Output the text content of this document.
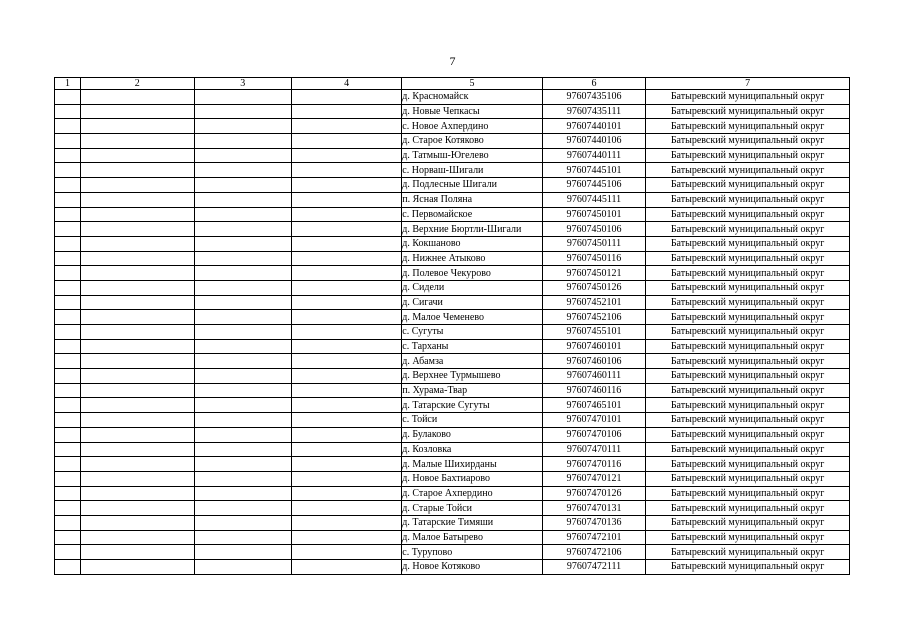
7
1	2	3	4	5	6	7
				д. Красномайск	97607435106	Батыревский муниципальный округ
				д. Новые Чепкасы	97607435111	Батыревский муниципальный округ
				с. Новое Ахпердино	97607440101	Батыревский муниципальный округ
				д. Старое Котяково	97607440106	Батыревский муниципальный округ
				д. Татмыш-Югелево	97607440111	Батыревский муниципальный округ
				с. Норваш-Шигали	97607445101	Батыревский муниципальный округ
				д. Подлесные Шигали	97607445106	Батыревский муниципальный округ
				п. Ясная Поляна	97607445111	Батыревский муниципальный округ
				с. Первомайское	97607450101	Батыревский муниципальный округ
				д. Верхние Бюртли-Шигали	97607450106	Батыревский муниципальный округ
				д. Кокшаново	97607450111	Батыревский муниципальный округ
				д. Нижнее Атыково	97607450116	Батыревский муниципальный округ
				д. Полевое Чекурово	97607450121	Батыревский муниципальный округ
				д. Сидели	97607450126	Батыревский муниципальный округ
				д. Сигачи	97607452101	Батыревский муниципальный округ
				д. Малое Чеменево	97607452106	Батыревский муниципальный округ
				с. Сугуты	97607455101	Батыревский муниципальный округ
				с. Тарханы	97607460101	Батыревский муниципальный округ
				д. Абамза	97607460106	Батыревский муниципальный округ
				д. Верхнее Турмышево	97607460111	Батыревский муниципальный округ
				п. Хурама-Твар	97607460116	Батыревский муниципальный округ
				д. Татарские Сугуты	97607465101	Батыревский муниципальный округ
				с. Тойси	97607470101	Батыревский муниципальный округ
				д. Булаково	97607470106	Батыревский муниципальный округ
				д. Козловка	97607470111	Батыревский муниципальный округ
				д. Малые Шихирданы	97607470116	Батыревский муниципальный округ
				д. Новое Бахтиарово	97607470121	Батыревский муниципальный округ
				д. Старое Ахпердино	97607470126	Батыревский муниципальный округ
				д. Старые Тойси	97607470131	Батыревский муниципальный округ
				д. Татарские Тимяши	97607470136	Батыревский муниципальный округ
				д. Малое Батырево	97607472101	Батыревский муниципальный округ
				с. Турупово	97607472106	Батыревский муниципальный округ
				д. Новое Котяково	97607472111	Батыревский муниципальный округ
